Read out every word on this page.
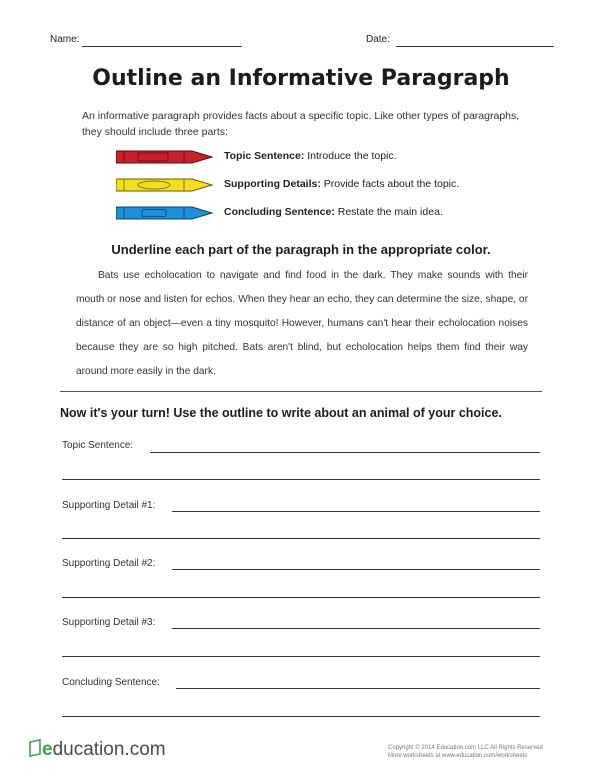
Name:	Date:
Outline an Informative Paragraph
An informative paragraph provides facts about a specific topic. Like other types of paragraphs, they should include three parts:
Topic Sentence: Introduce the topic.
Supporting Details: Provide facts about the topic.
Concluding Sentence: Restate the main idea.
Underline each part of the paragraph in the appropriate color.
Bats use echolocation to navigate and find food in the dark. They make sounds with their mouth or nose and listen for echos. When they hear an echo, they can determine the size, shape, or distance of an object—even a tiny mosquito! However, humans can't hear their echolocation noises because they are so high pitched. Bats aren't blind, but echolocation helps them find their way around more easily in the dark.
Now it's your turn! Use the outline to write about an animal of your choice.
Topic Sentence:
Supporting Detail #1:
Supporting Detail #2:
Supporting Detail #3:
Concluding Sentence:
education.com	Copyright © 2014 Education.com LLC All Rights Reserved
More worksheets at www.education.com/worksheets
